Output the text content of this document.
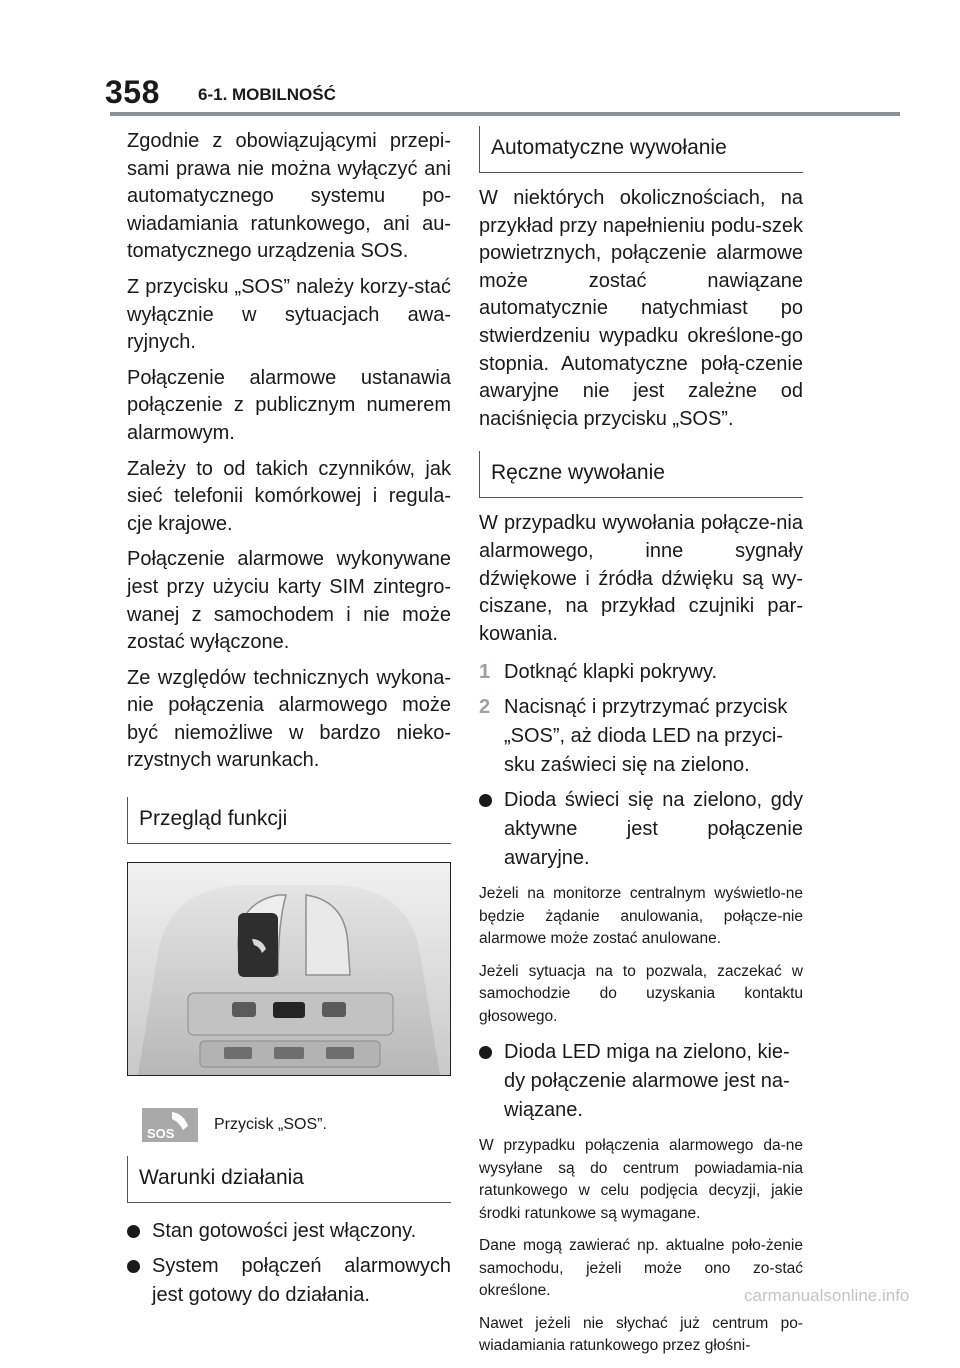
358 6-1. MOBILNOŚĆ

Zgodnie z obowiązującymi przepi-sami prawa nie można wyłączyć ani automatycznego systemu po-wiadamiania ratunkowego, ani au-tomatycznego urządzenia SOS.

Z przycisku „SOS” należy korzy-stać wyłącznie w sytuacjach awa-ryjnych.

Połączenie alarmowe ustanawia połączenie z publicznym numerem alarmowym.

Zależy to od takich czynników, jak sieć telefonii komórkowej i regula-cje krajowe.

Połączenie alarmowe wykonywane jest przy użyciu karty SIM zintegro-wanej z samochodem i nie może zostać wyłączone.

Ze względów technicznych wykona-nie połączenia alarmowego może być niemożliwe w bardzo nieko-rzystnych warunkach.

Przegląd funkcji
SOS
Przycisk „SOS”.
Warunki działania
Stan gotowości jest włączony.
System połączeń alarmowych jest gotowy do działania.
Automatyczne wywołanie

W niektórych okolicznościach, na przykład przy napełnieniu podu-szek powietrznych, połączenie alarmowe może zostać nawiązane automatycznie natychmiast po stwierdzeniu wypadku określone-go stopnia. Automatyczne połą-czenie awaryjne nie jest zależne od naciśnięcia przycisku „SOS”.

Ręczne wywołanie

W przypadku wywołania połącze-nia alarmowego, inne sygnały dźwiękowe i źródła dźwięku są wy-ciszane, na przykład czujniki par-kowania.

1 Dotknąć klapki pokrywy.
2 Nacisnąć i przytrzymać przycisk „SOS”, aż dioda LED na przyci-sku zaświeci się na zielono.
Dioda świeci się na zielono, gdy aktywne jest połączenie awaryjne.

Jeżeli na monitorze centralnym wyświetlo-ne będzie żądanie anulowania, połącze-nie alarmowe może zostać anulowane.

Jeżeli sytuacja na to pozwala, zaczekać w samochodzie do uzyskania kontaktu głosowego.

Dioda LED miga na zielono, kie-dy połączenie alarmowe jest na-wiązane.

W przypadku połączenia alarmowego da-ne wysyłane są do centrum powiadamia-nia ratunkowego w celu podjęcia decyzji, jakie środki ratunkowe są wymagane.

Dane mogą zawierać np. aktualne poło-żenie samochodu, jeżeli może ono zo-stać określone.

Nawet jeżeli nie słychać już centrum po-wiadamiania ratunkowego przez głośni-

carmanualsonline.info
